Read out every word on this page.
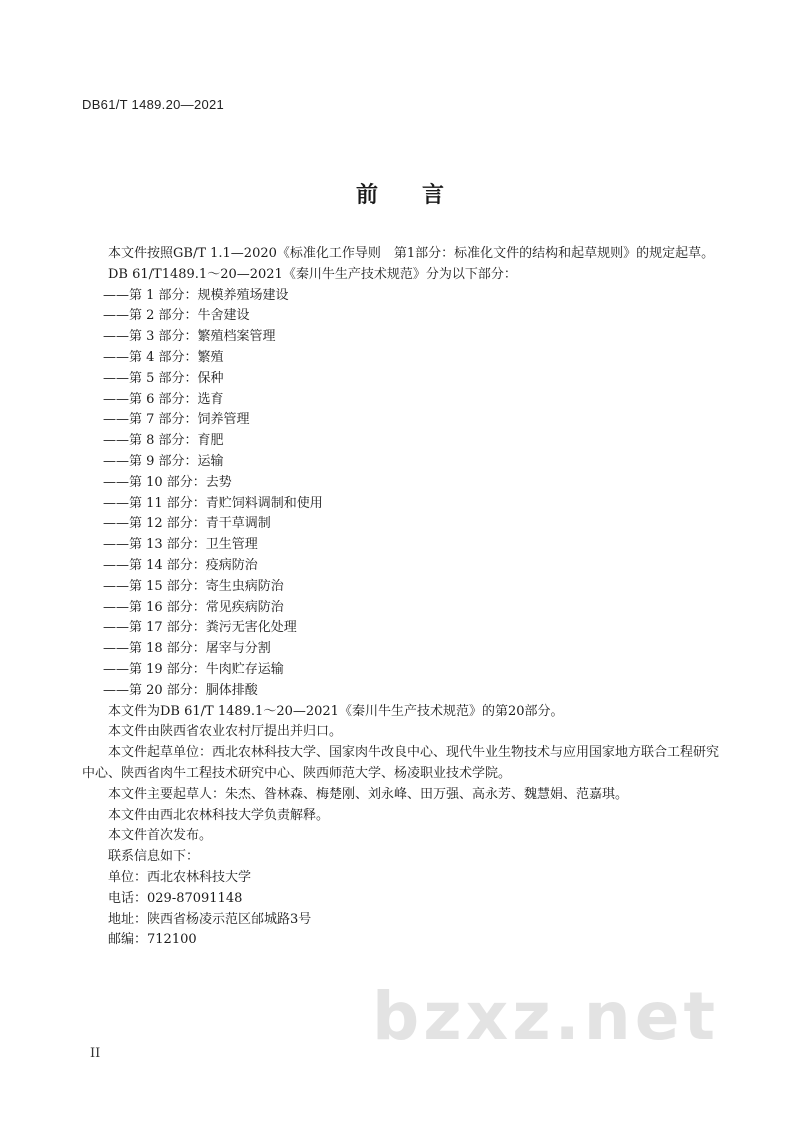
DB61/T 1489.20—2021
前言

本文件按照GB/T 1.1—2020《标准化工作导则　第1部分：标准化文件的结构和起草规则》的规定起草。

DB 61/T1489.1～20—2021《秦川牛生产技术规范》分为以下部分：

——第 1 部分：规模养殖场建设

——第 2 部分：牛舍建设

——第 3 部分：繁殖档案管理

——第 4 部分：繁殖

——第 5 部分：保种

——第 6 部分：选育

——第 7 部分：饲养管理

——第 8 部分：育肥

——第 9 部分：运输

——第 10 部分：去势

——第 11 部分：青贮饲料调制和使用

——第 12 部分：青干草调制

——第 13 部分：卫生管理

——第 14 部分：疫病防治

——第 15 部分：寄生虫病防治

——第 16 部分：常见疾病防治

——第 17 部分：粪污无害化处理

——第 18 部分：屠宰与分割

——第 19 部分：牛肉贮存运输

——第 20 部分：胴体排酸

本文件为DB 61/T 1489.1～20—2021《秦川牛生产技术规范》的第20部分。

本文件由陕西省农业农村厅提出并归口。

本文件起草单位：西北农林科技大学、国家肉牛改良中心、现代牛业生物技术与应用国家地方联合工程研究中心、陕西省肉牛工程技术研究中心、陕西师范大学、杨凌职业技术学院。

本文件主要起草人：朱杰、昝林森、梅楚刚、刘永峰、田万强、高永芳、魏慧娟、范嘉琪。

本文件由西北农林科技大学负责解释。

本文件首次发布。

联系信息如下：

单位：西北农林科技大学

电话：029-87091148

地址：陕西省杨凌示范区邰城路3号

邮编：712100

bzxz.net
II
